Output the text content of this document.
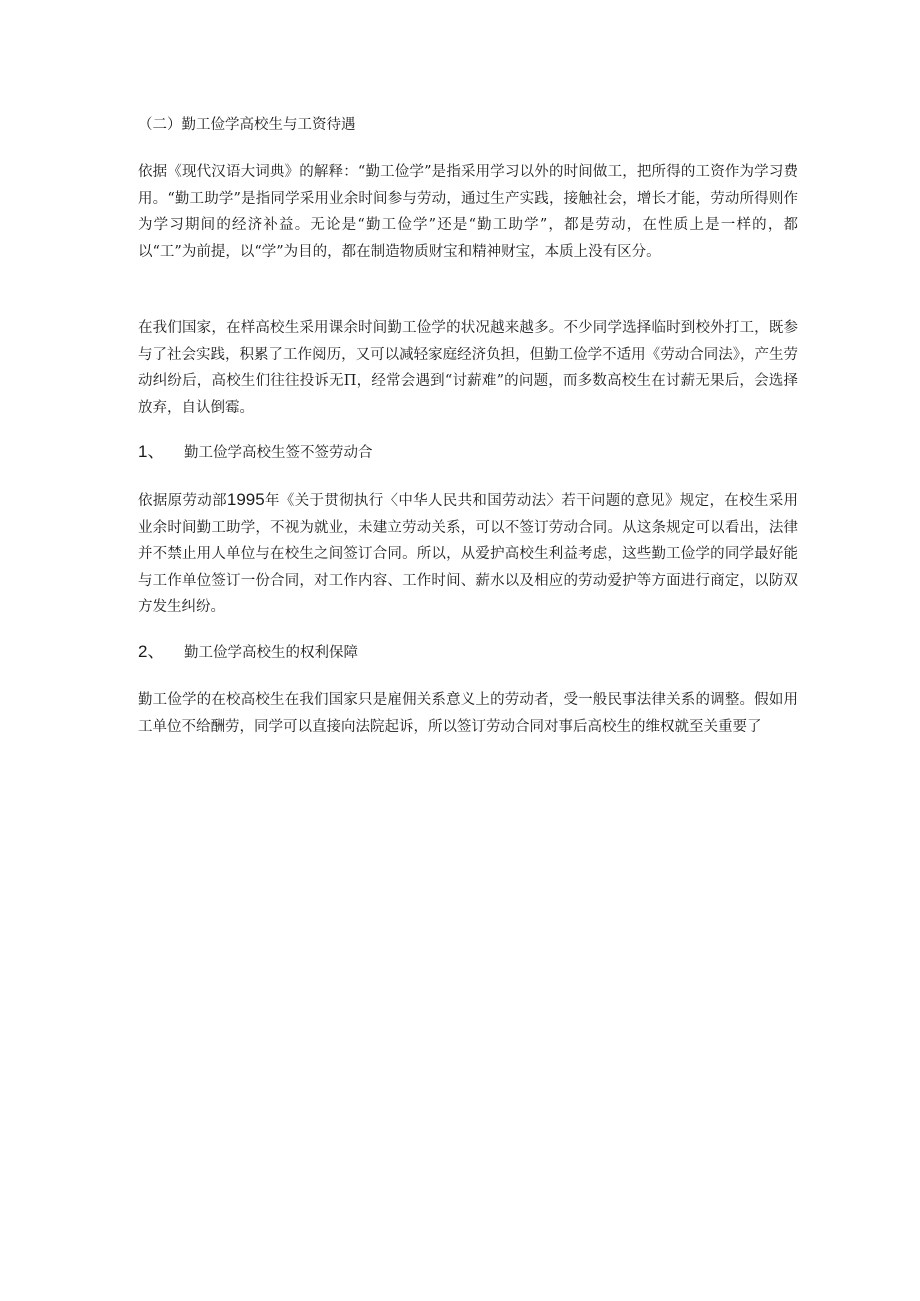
（二）勤工俭学高校生与工资待遇

依据《现代汉语大词典》的解释：“勤工俭学”是指采用学习以外的时间做工，把所得的工资作为学习费用。“勤工助学”是指同学采用业余时间参与劳动，通过生产实践，接触社会，增长才能，劳动所得则作为学习期间的经济补益。无论是“勤工俭学”还是“勤工助学”，都是劳动，在性质上是一样的，都以“工”为前提，以“学”为目的，都在制造物质财宝和精神财宝，本质上没有区分。

在我们国家，在样高校生采用课余时间勤工俭学的状况越来越多。不少同学选择临时到校外打工，既参与了社会实践，积累了工作阅历，又可以减轻家庭经济负担，但勤工俭学不适用《劳动合同法》，产生劳动纠纷后，高校生们往往投诉无Π，经常会遇到“讨薪难”的问题，而多数高校生在讨薪无果后，会选择放弃，自认倒霉。

1、 勤工俭学高校生签不签劳动合

依据原劳动部1995年《关于贯彻执行〈中华人民共和国劳动法〉若干问题的意见》规定，在校生采用业余时间勤工助学，不视为就业，未建立劳动关系，可以不签订劳动合同。从这条规定可以看出，法律并不禁止用人单位与在校生之间签订合同。所以，从爱护高校生利益考虑，这些勤工俭学的同学最好能与工作单位签订一份合同，对工作内容、工作时间、薪水以及相应的劳动爱护等方面进行商定，以防双方发生纠纷。

2、 勤工俭学高校生的权利保障

勤工俭学的在校高校生在我们国家只是雇佣关系意义上的劳动者，受一般民事法律关系的调整。假如用工单位不给酬劳，同学可以直接向法院起诉，所以签订劳动合同对事后高校生的维权就至关重要了
